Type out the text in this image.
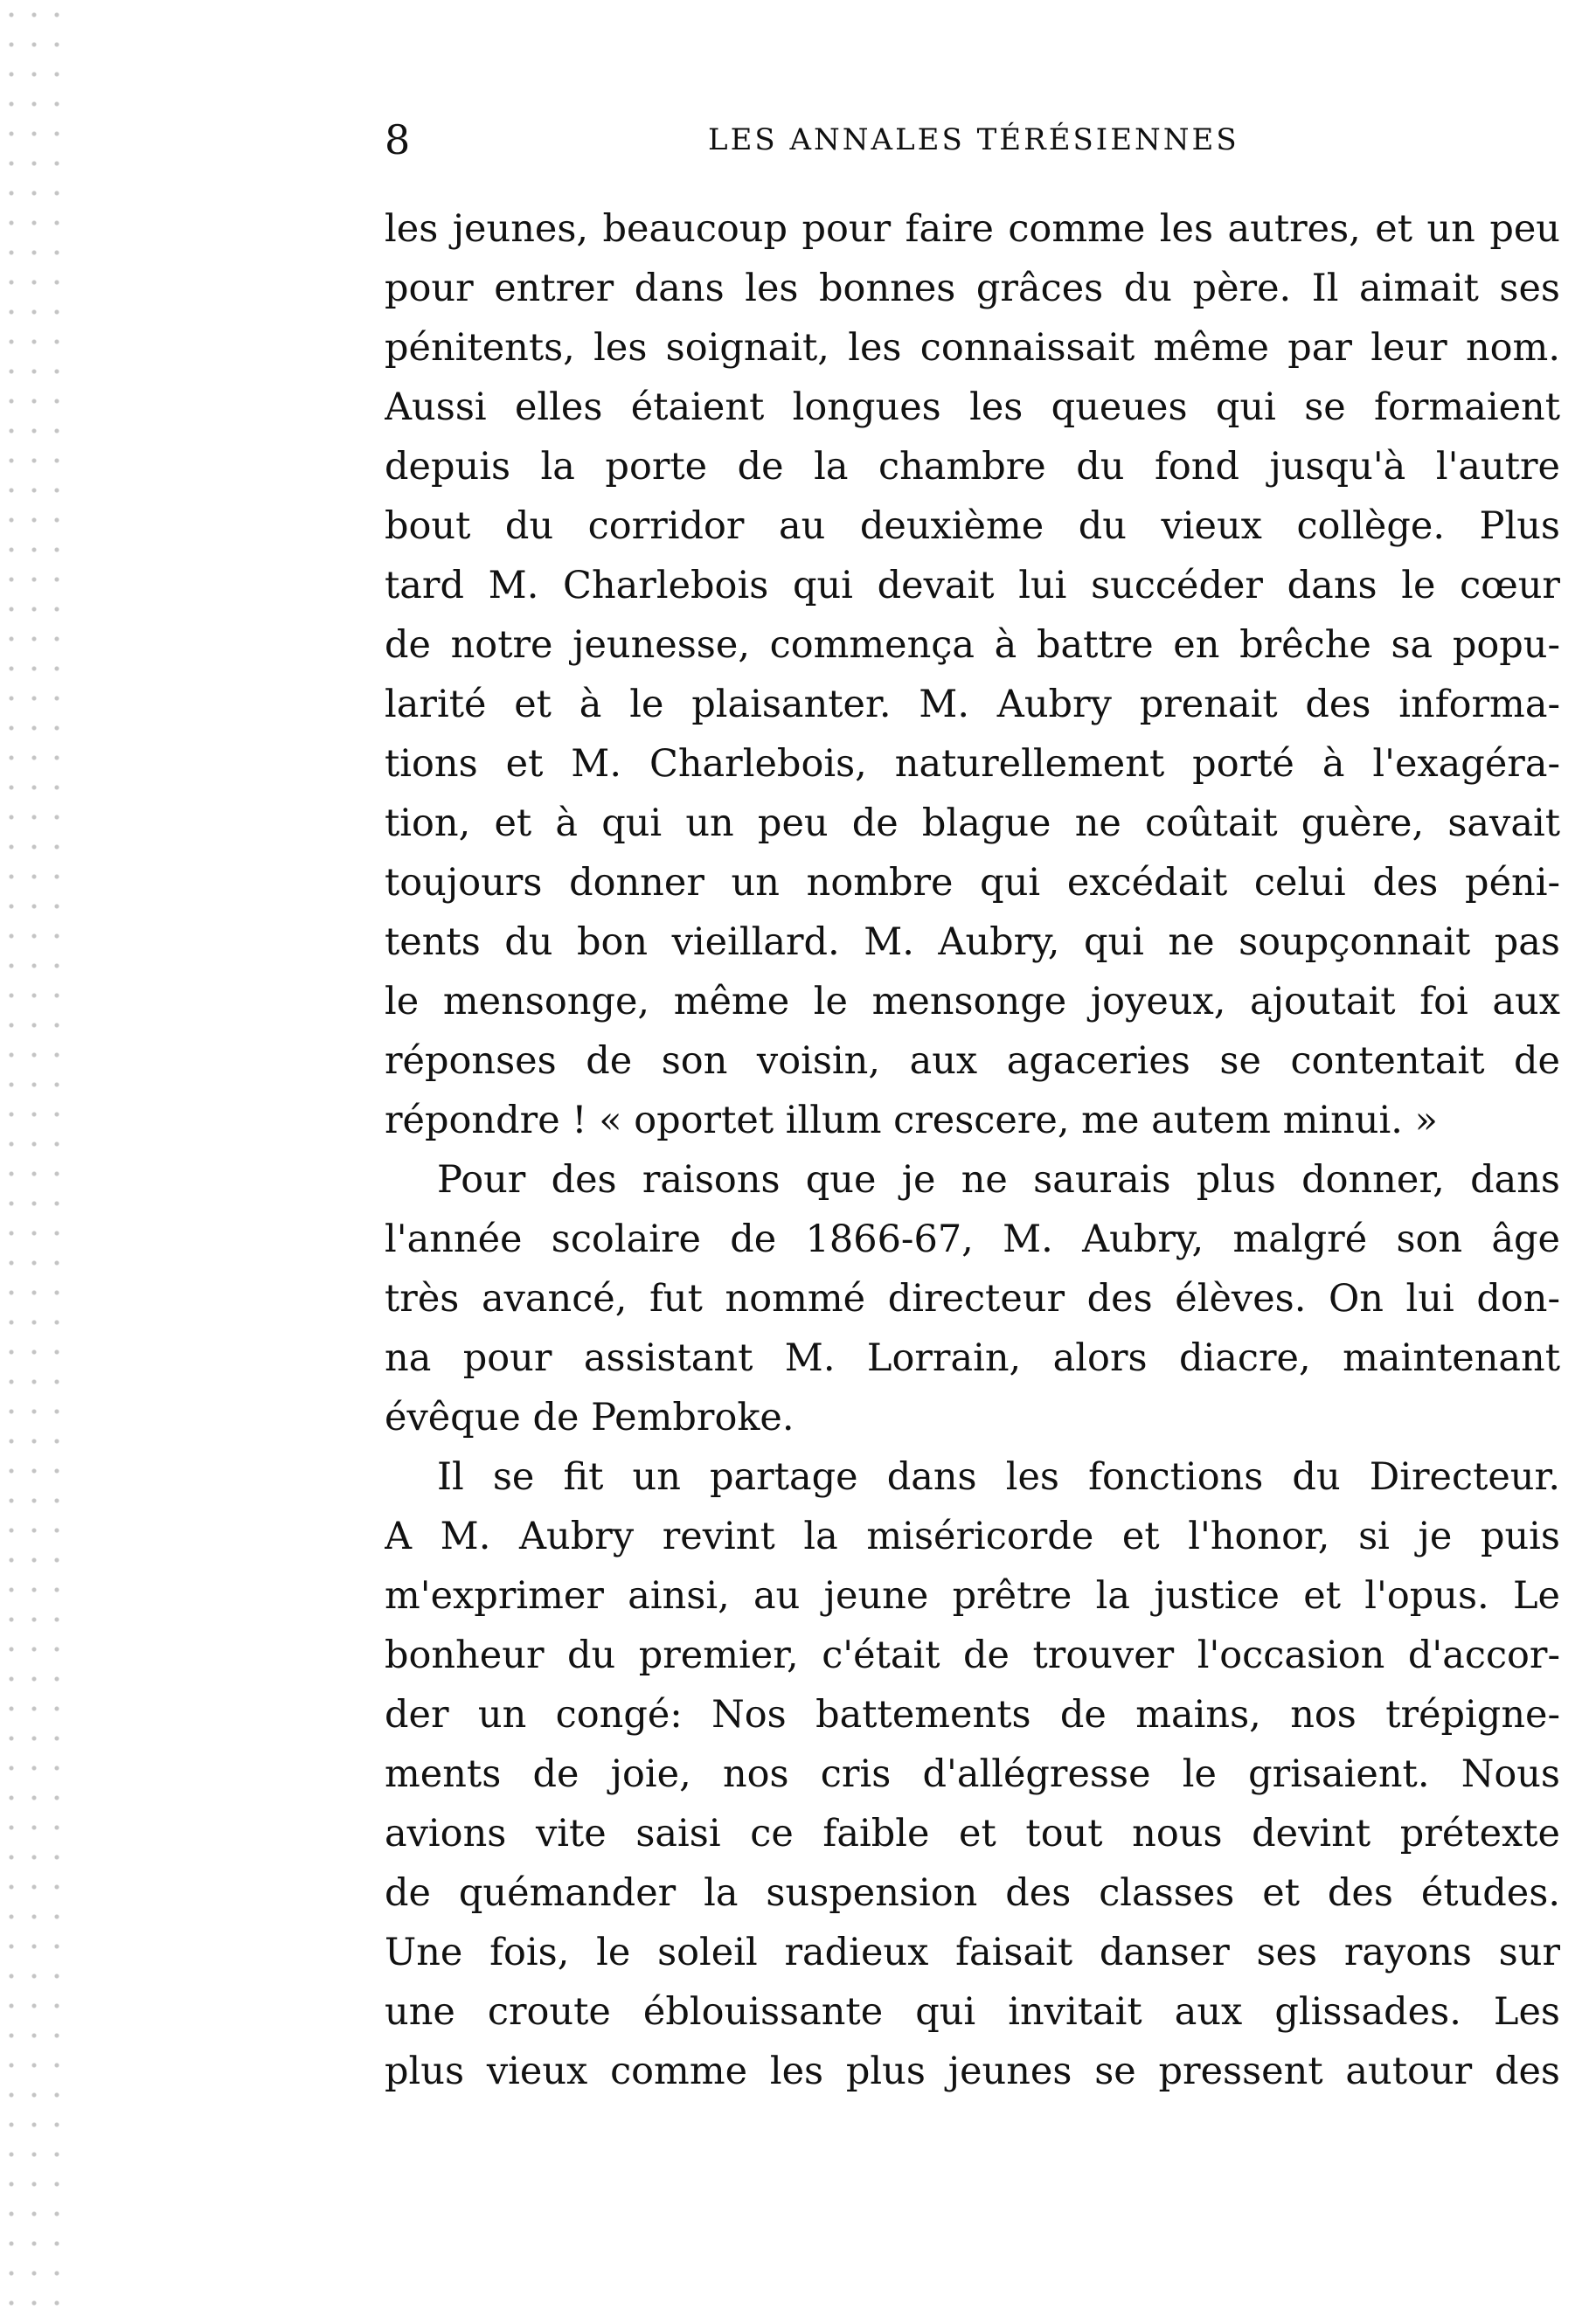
8	LES ANNALES TÉRÉSIENNES
les jeunes, beaucoup pour faire comme les autres, et un peu
pour entrer dans les bonnes grâces du père. Il aimait ses
pénitents, les soignait, les connaissait même par leur nom.
Aussi elles étaient longues les queues qui se formaient
depuis la porte de la chambre du fond jusqu'à l'autre
bout du corridor au deuxième du vieux collège. Plus
tard M. Charlebois qui devait lui succéder dans le cœur
de notre jeunesse, commença à battre en brêche sa popu-
larité et à le plaisanter. M. Aubry prenait des informa-
tions et M. Charlebois, naturellement porté à l'exagéra-
tion, et à qui un peu de blague ne coûtait guère, savait
toujours donner un nombre qui excédait celui des péni-
tents du bon vieillard. M. Aubry, qui ne soupçonnait pas
le mensonge, même le mensonge joyeux, ajoutait foi aux
réponses de son voisin, aux agaceries se contentait de
répondre ! « oportet illum crescere, me autem minui. »
Pour des raisons que je ne saurais plus donner, dans
l'année scolaire de 1866-67, M. Aubry, malgré son âge
très avancé, fut nommé directeur des élèves. On lui don-
na pour assistant M. Lorrain, alors diacre, maintenant
évêque de Pembroke.
Il se fit un partage dans les fonctions du Directeur.
A M. Aubry revint la miséricorde et l'honor, si je puis
m'exprimer ainsi, au jeune prêtre la justice et l'opus. Le
bonheur du premier, c'était de trouver l'occasion d'accor-
der un congé: Nos battements de mains, nos trépigne-
ments de joie, nos cris d'allégresse le grisaient. Nous
avions vite saisi ce faible et tout nous devint prétexte
de quémander la suspension des classes et des études.
Une fois, le soleil radieux faisait danser ses rayons sur
une croute éblouissante qui invitait aux glissades. Les
plus vieux comme les plus jeunes se pressent autour des
